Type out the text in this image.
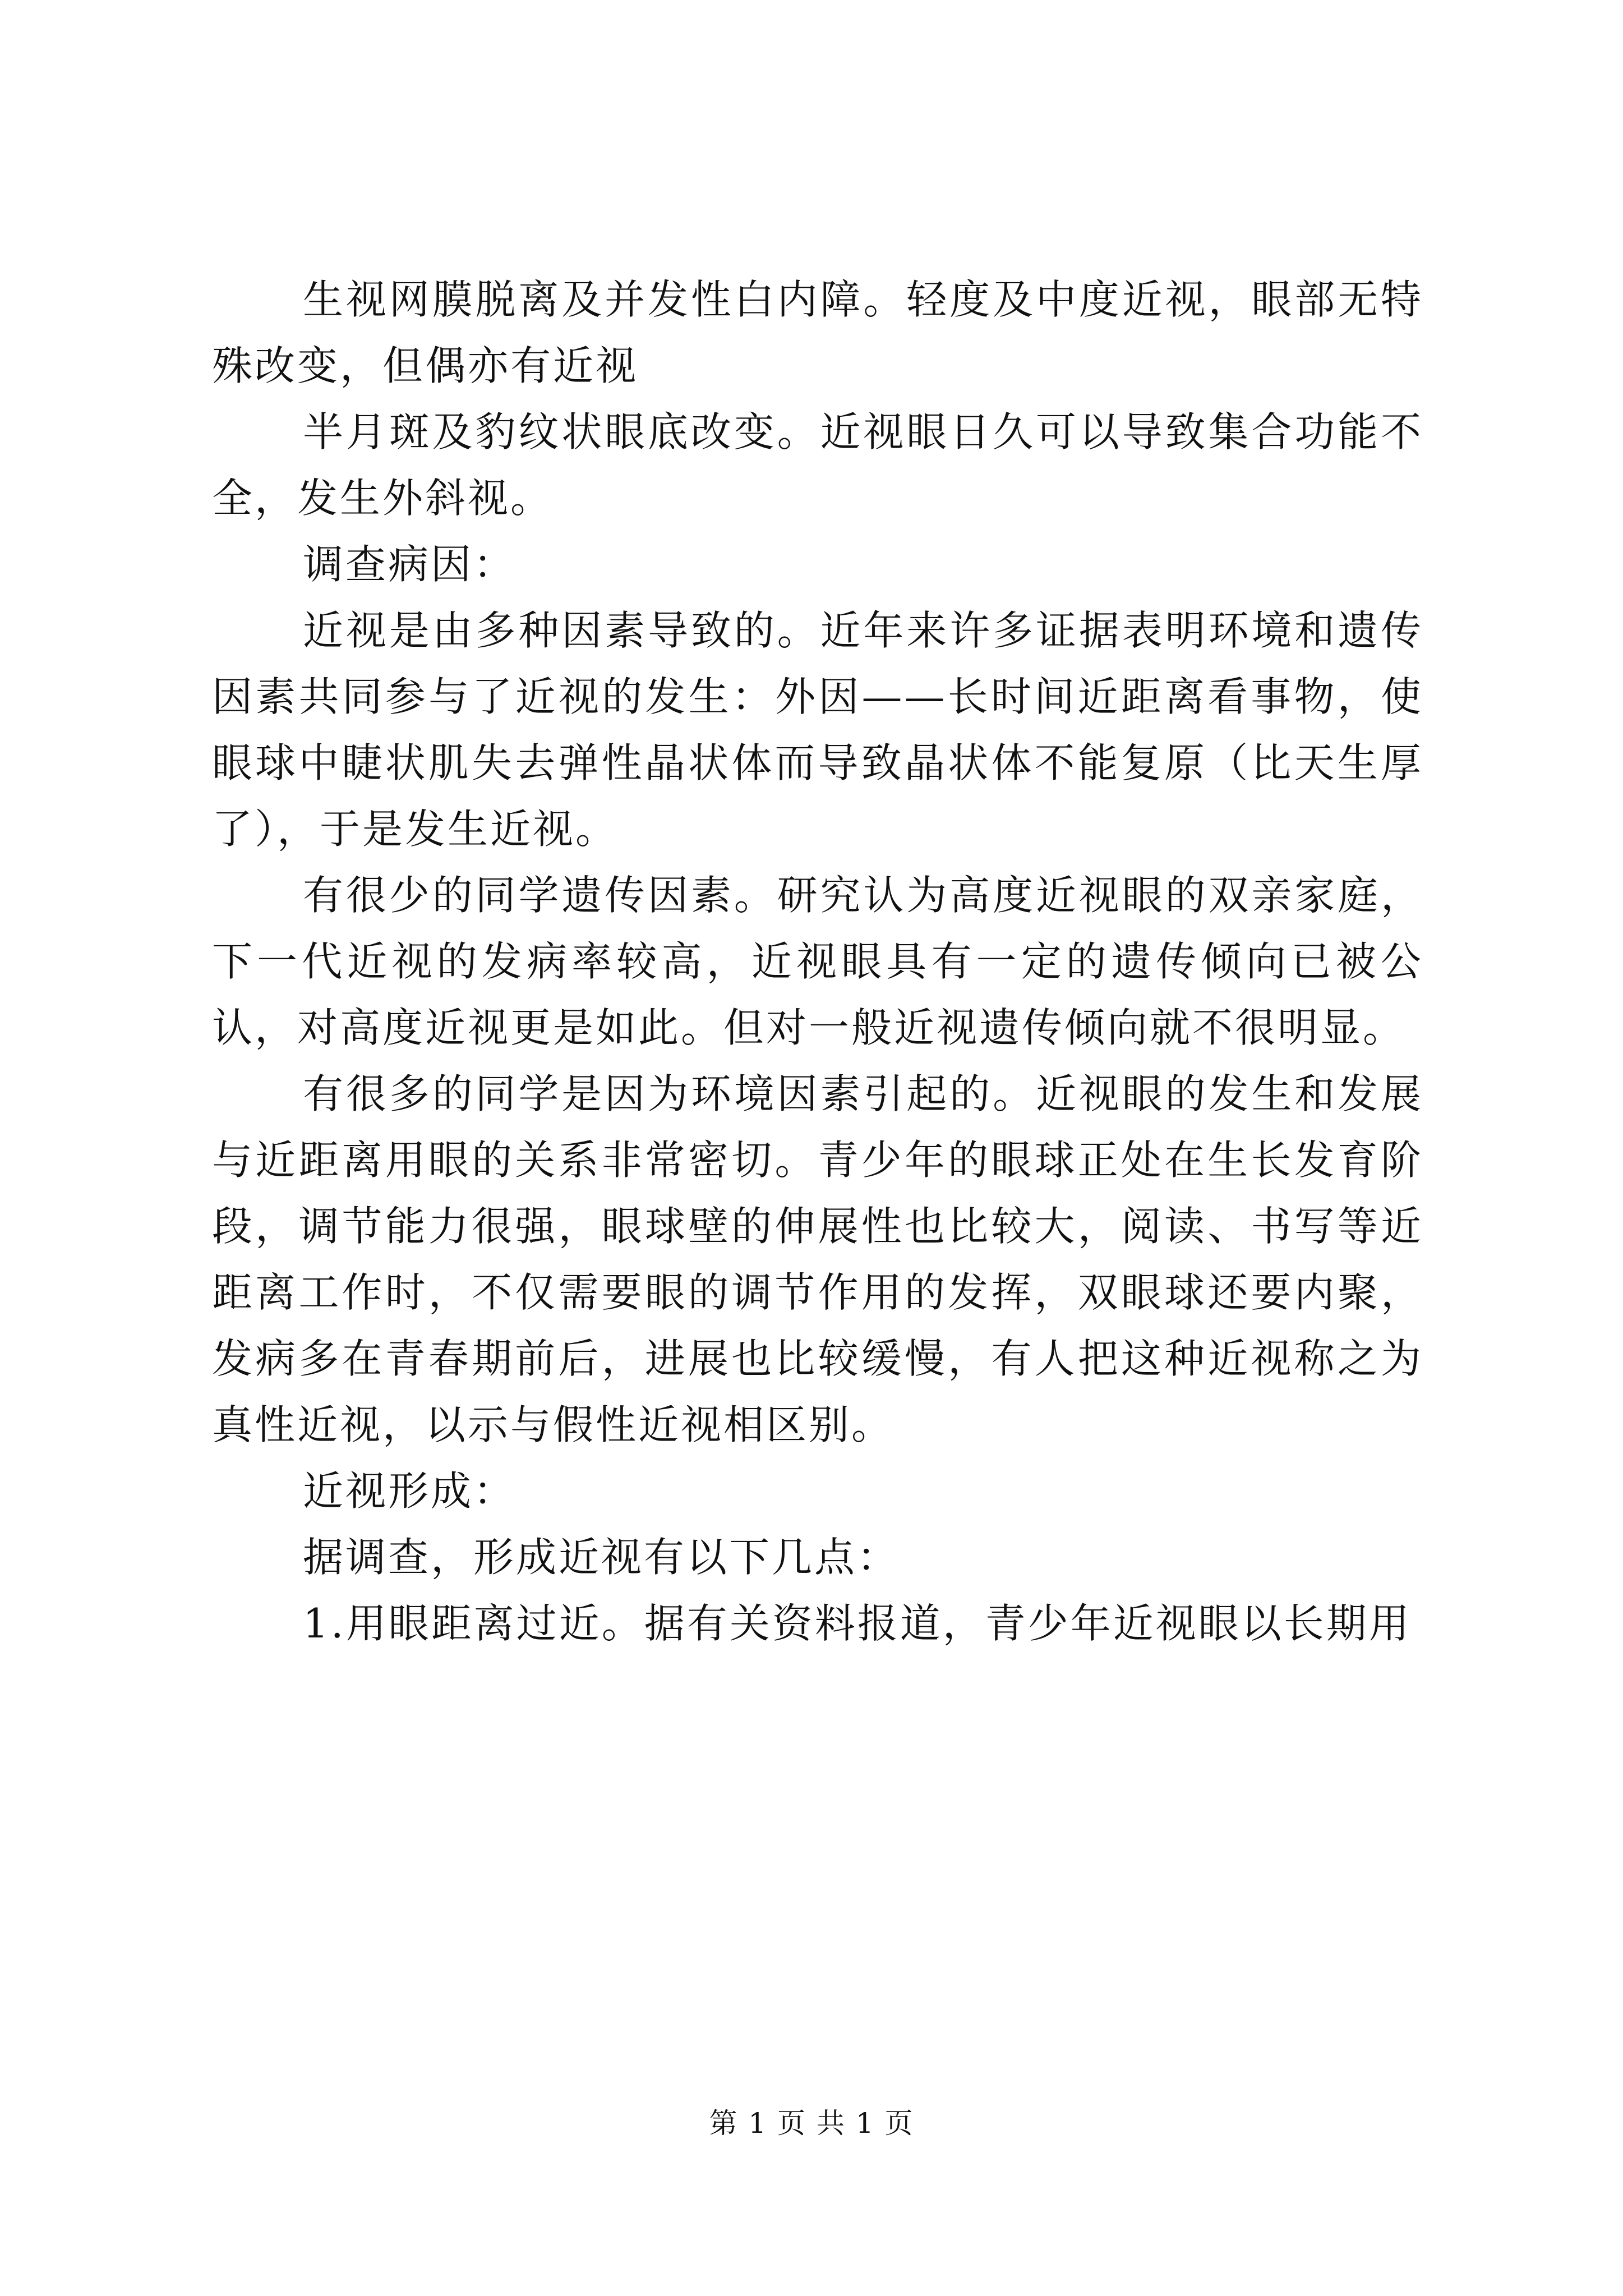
生视网膜脱离及并发性白内障。轻度及中度近视，眼部无特殊改变，但偶亦有近视

半月斑及豹纹状眼底改变。近视眼日久可以导致集合功能不全，发生外斜视。

调查病因：

近视是由多种因素导致的。近年来许多证据表明环境和遗传因素共同参与了近视的发生：外因——长时间近距离看事物，使眼球中睫状肌失去弹性晶状体而导致晶状体不能复原（比天生厚了），于是发生近视。

有很少的同学遗传因素。研究认为高度近视眼的双亲家庭，下一代近视的发病率较高，近视眼具有一定的遗传倾向已被公认，对高度近视更是如此。但对一般近视遗传倾向就不很明显。

有很多的同学是因为环境因素引起的。近视眼的发生和发展与近距离用眼的关系非常密切。青少年的眼球正处在生长发育阶段，调节能力很强，眼球壁的伸展性也比较大，阅读、书写等近距离工作时，不仅需要眼的调节作用的发挥，双眼球还要内聚，发病多在青春期前后，进展也比较缓慢，有人把这种近视称之为真性近视，以示与假性近视相区别。

近视形成：

据调查，形成近视有以下几点：

1.用眼距离过近。据有关资料报道，青少年近视眼以长期用

第 1 页 共 1 页
